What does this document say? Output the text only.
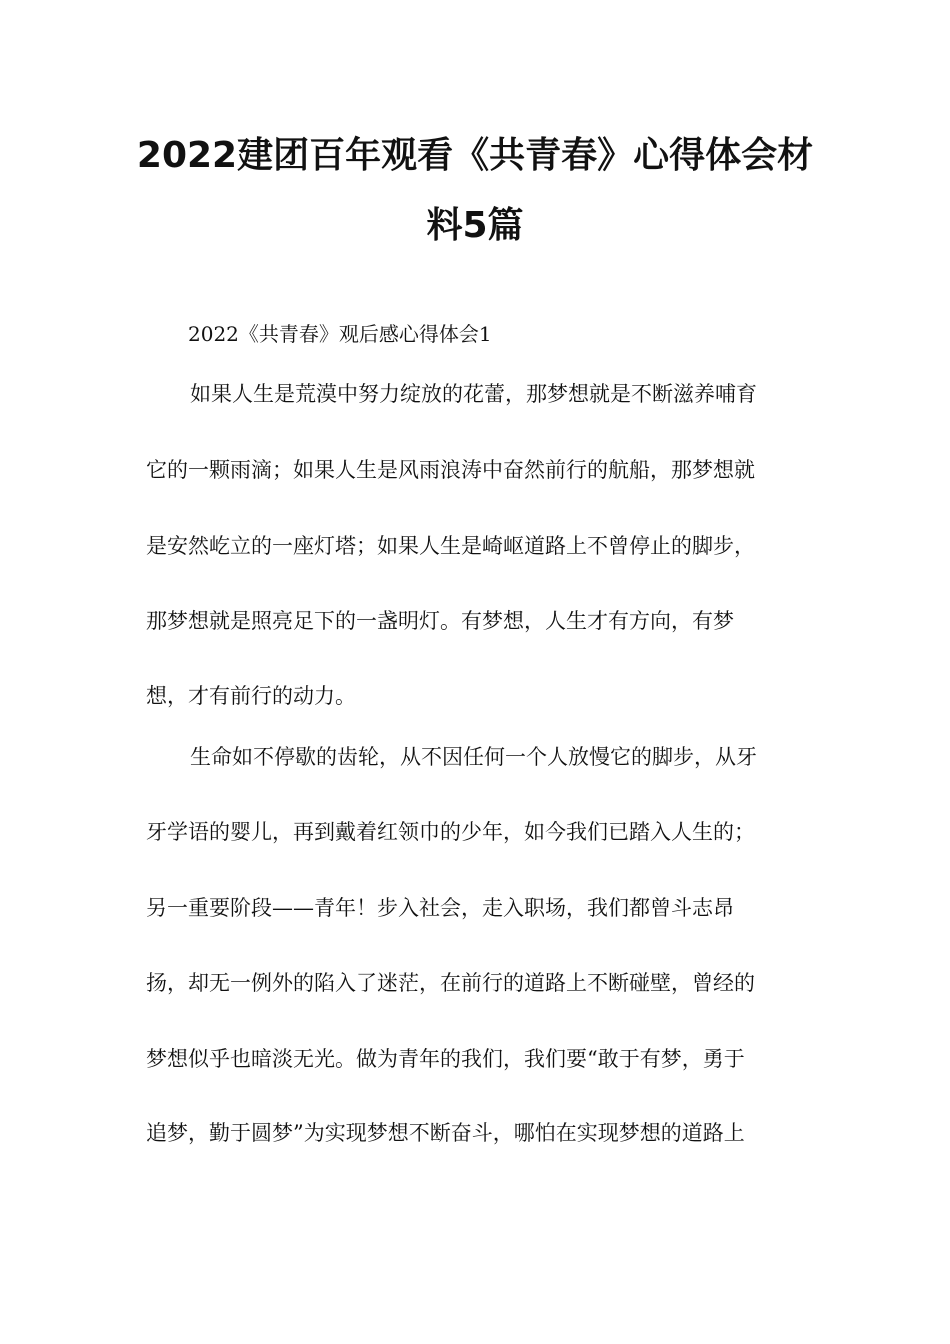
2022建团百年观看《共青春》心得体会材
料5篇
2022《共青春》观后感心得体会1

如果人生是荒漠中努力绽放的花蕾，那梦想就是不断滋养哺育

它的一颗雨滴；如果人生是风雨浪涛中奋然前行的航船，那梦想就

是安然屹立的一座灯塔；如果人生是崎岖道路上不曾停止的脚步，

那梦想就是照亮足下的一盏明灯。有梦想，人生才有方向，有梦

想，才有前行的动力。

生命如不停歇的齿轮，从不因任何一个人放慢它的脚步，从牙

牙学语的婴儿，再到戴着红领巾的少年，如今我们已踏入人生的；

另一重要阶段——青年！步入社会，走入职场，我们都曾斗志昂

扬，却无一例外的陷入了迷茫，在前行的道路上不断碰壁，曾经的

梦想似乎也暗淡无光。做为青年的我们，我们要“敢于有梦，勇于

追梦，勤于圆梦”为实现梦想不断奋斗，哪怕在实现梦想的道路上
